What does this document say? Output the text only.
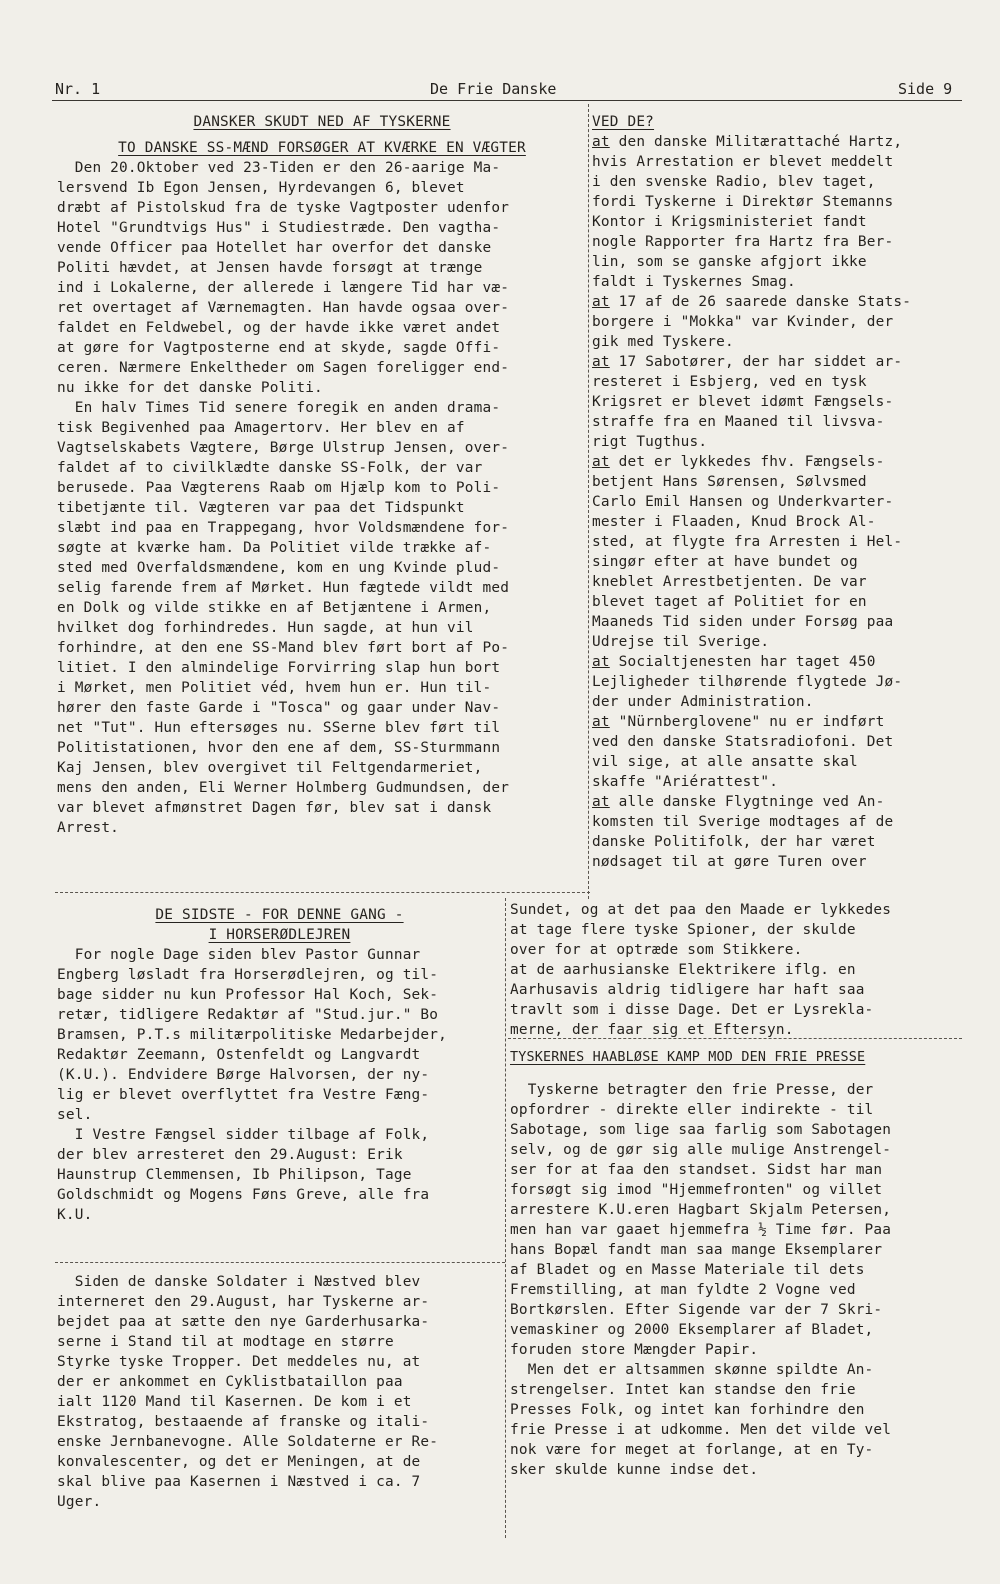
Nr. 1	De Frie Danske	Side 9

DANSKER SKUDT NED AF TYSKERNE

TO DANSKE SS-MÆND FORSØGER AT KVÆRKE EN VÆGTER

Den 20.Oktober ved 23-Tiden er den 26-aarige Ma-

lersvend Ib Egon Jensen, Hyrdevangen 6, blevet

dræbt af Pistolskud fra de tyske Vagtposter udenfor

Hotel "Grundtvigs Hus" i Studiestræde. Den vagtha-

vende Officer paa Hotellet har overfor det danske

Politi hævdet, at Jensen havde forsøgt at trænge

ind i Lokalerne, der allerede i længere Tid har væ-

ret overtaget af Værnemagten. Han havde ogsaa over-

faldet en Feldwebel, og der havde ikke været andet

at gøre for Vagtposterne end at skyde, sagde Offi-

ceren. Nærmere Enkeltheder om Sagen foreligger end-

nu ikke for det danske Politi.

En halv Times Tid senere foregik en anden drama-

tisk Begivenhed paa Amagertorv. Her blev en af

Vagtselskabets Vægtere, Børge Ulstrup Jensen, over-

faldet af to civilklædte danske SS-Folk, der var

berusede. Paa Vægterens Raab om Hjælp kom to Poli-

tibetjænte til. Vægteren var paa det Tidspunkt

slæbt ind paa en Trappegang, hvor Voldsmændene for-

søgte at kværke ham. Da Politiet vilde trække af-

sted med Overfaldsmændene, kom en ung Kvinde plud-

selig farende frem af Mørket. Hun fægtede vildt med

en Dolk og vilde stikke en af Betjæntene i Armen,

hvilket dog forhindredes. Hun sagde, at hun vil

forhindre, at den ene SS-Mand blev ført bort af Po-

litiet. I den almindelige Forvirring slap hun bort

i Mørket, men Politiet véd, hvem hun er. Hun til-

hører den faste Garde i "Tosca" og gaar under Nav-

net "Tut". Hun eftersøges nu. SSerne blev ført til

Politistationen, hvor den ene af dem, SS-Sturmmann

Kaj Jensen, blev overgivet til Feltgendarmeriet,

mens den anden, Eli Werner Holmberg Gudmundsen, der

var blevet afmønstret Dagen før, blev sat i dansk

Arrest.

DE SIDSTE - FOR DENNE GANG -

I HORSERØDLEJREN

For nogle Dage siden blev Pastor Gunnar

Engberg løsladt fra Horserødlejren, og til-

bage sidder nu kun Professor Hal Koch, Sek-

retær, tidligere Redaktør af "Stud.jur." Bo

Bramsen, P.T.s militærpolitiske Medarbejder,

Redaktør Zeemann, Ostenfeldt og Langvardt

(K.U.). Endvidere Børge Halvorsen, der ny-

lig er blevet overflyttet fra Vestre Fæng-

sel.

I Vestre Fængsel sidder tilbage af Folk,

der blev arresteret den 29.August: Erik

Haunstrup Clemmensen, Ib Philipson, Tage

Goldschmidt og Mogens Føns Greve, alle fra

K.U.

Siden de danske Soldater i Næstved blev

interneret den 29.August, har Tyskerne ar-

bejdet paa at sætte den nye Garderhusarka-

serne i Stand til at modtage en større

Styrke tyske Tropper. Det meddeles nu, at

der er ankommet en Cyklistbataillon paa

ialt 1120 Mand til Kasernen. De kom i et

Ekstratog, bestaaende af franske og itali-

enske Jernbanevogne. Alle Soldaterne er Re-

konvalescenter, og det er Meningen, at de

skal blive paa Kasernen i Næstved i ca. 7

Uger.

VED DE?

at den danske Militærattaché Hartz,

hvis Arrestation er blevet meddelt

i den svenske Radio, blev taget,

fordi Tyskerne i Direktør Stemanns

Kontor i Krigsministeriet fandt

nogle Rapporter fra Hartz fra Ber-

lin, som se ganske afgjort ikke

faldt i Tyskernes Smag.

at 17 af de 26 saarede danske Stats-

borgere i "Mokka" var Kvinder, der

gik med Tyskere.

at 17 Sabotører, der har siddet ar-

resteret i Esbjerg, ved en tysk

Krigsret er blevet idømt Fængsels-

straffe fra en Maaned til livsva-

rigt Tugthus.

at det er lykkedes fhv. Fængsels-

betjent Hans Sørensen, Sølvsmed

Carlo Emil Hansen og Underkvarter-

mester i Flaaden, Knud Brock Al-

sted, at flygte fra Arresten i Hel-

singør efter at have bundet og

kneblet Arrestbetjenten. De var

blevet taget af Politiet for en

Maaneds Tid siden under Forsøg paa

Udrejse til Sverige.

at Socialtjenesten har taget 450

Lejligheder tilhørende flygtede Jø-

der under Administration.

at "Nürnberglovene" nu er indført

ved den danske Statsradiofoni. Det

vil sige, at alle ansatte skal

skaffe "Ariérattest".

at alle danske Flygtninge ved An-

komsten til Sverige modtages af de

danske Politifolk, der har været

nødsaget til at gøre Turen over

Sundet, og at det paa den Maade er lykkedes

at tage flere tyske Spioner, der skulde

over for at optræde som Stikkere.

at de aarhusianske Elektrikere iflg. en

Aarhusavis aldrig tidligere har haft saa

travlt som i disse Dage. Det er Lysrekla-

merne, der faar sig et Eftersyn.

TYSKERNES HAABLØSE KAMP MOD DEN FRIE PRESSE

Tyskerne betragter den frie Presse, der

opfordrer - direkte eller indirekte - til

Sabotage, som lige saa farlig som Sabotagen

selv, og de gør sig alle mulige Anstrengel-

ser for at faa den standset. Sidst har man

forsøgt sig imod "Hjemmefronten" og villet

arrestere K.U.eren Hagbart Skjalm Petersen,

men han var gaaet hjemmefra ½ Time før. Paa

hans Bopæl fandt man saa mange Eksemplarer

af Bladet og en Masse Materiale til dets

Fremstilling, at man fyldte 2 Vogne ved

Bortkørslen. Efter Sigende var der 7 Skri-

vemaskiner og 2000 Eksemplarer af Bladet,

foruden store Mængder Papir.

Men det er altsammen skønne spildte An-

strengelser. Intet kan standse den frie

Presses Folk, og intet kan forhindre den

frie Presse i at udkomme. Men det vilde vel

nok være for meget at forlange, at en Ty-

sker skulde kunne indse det.
